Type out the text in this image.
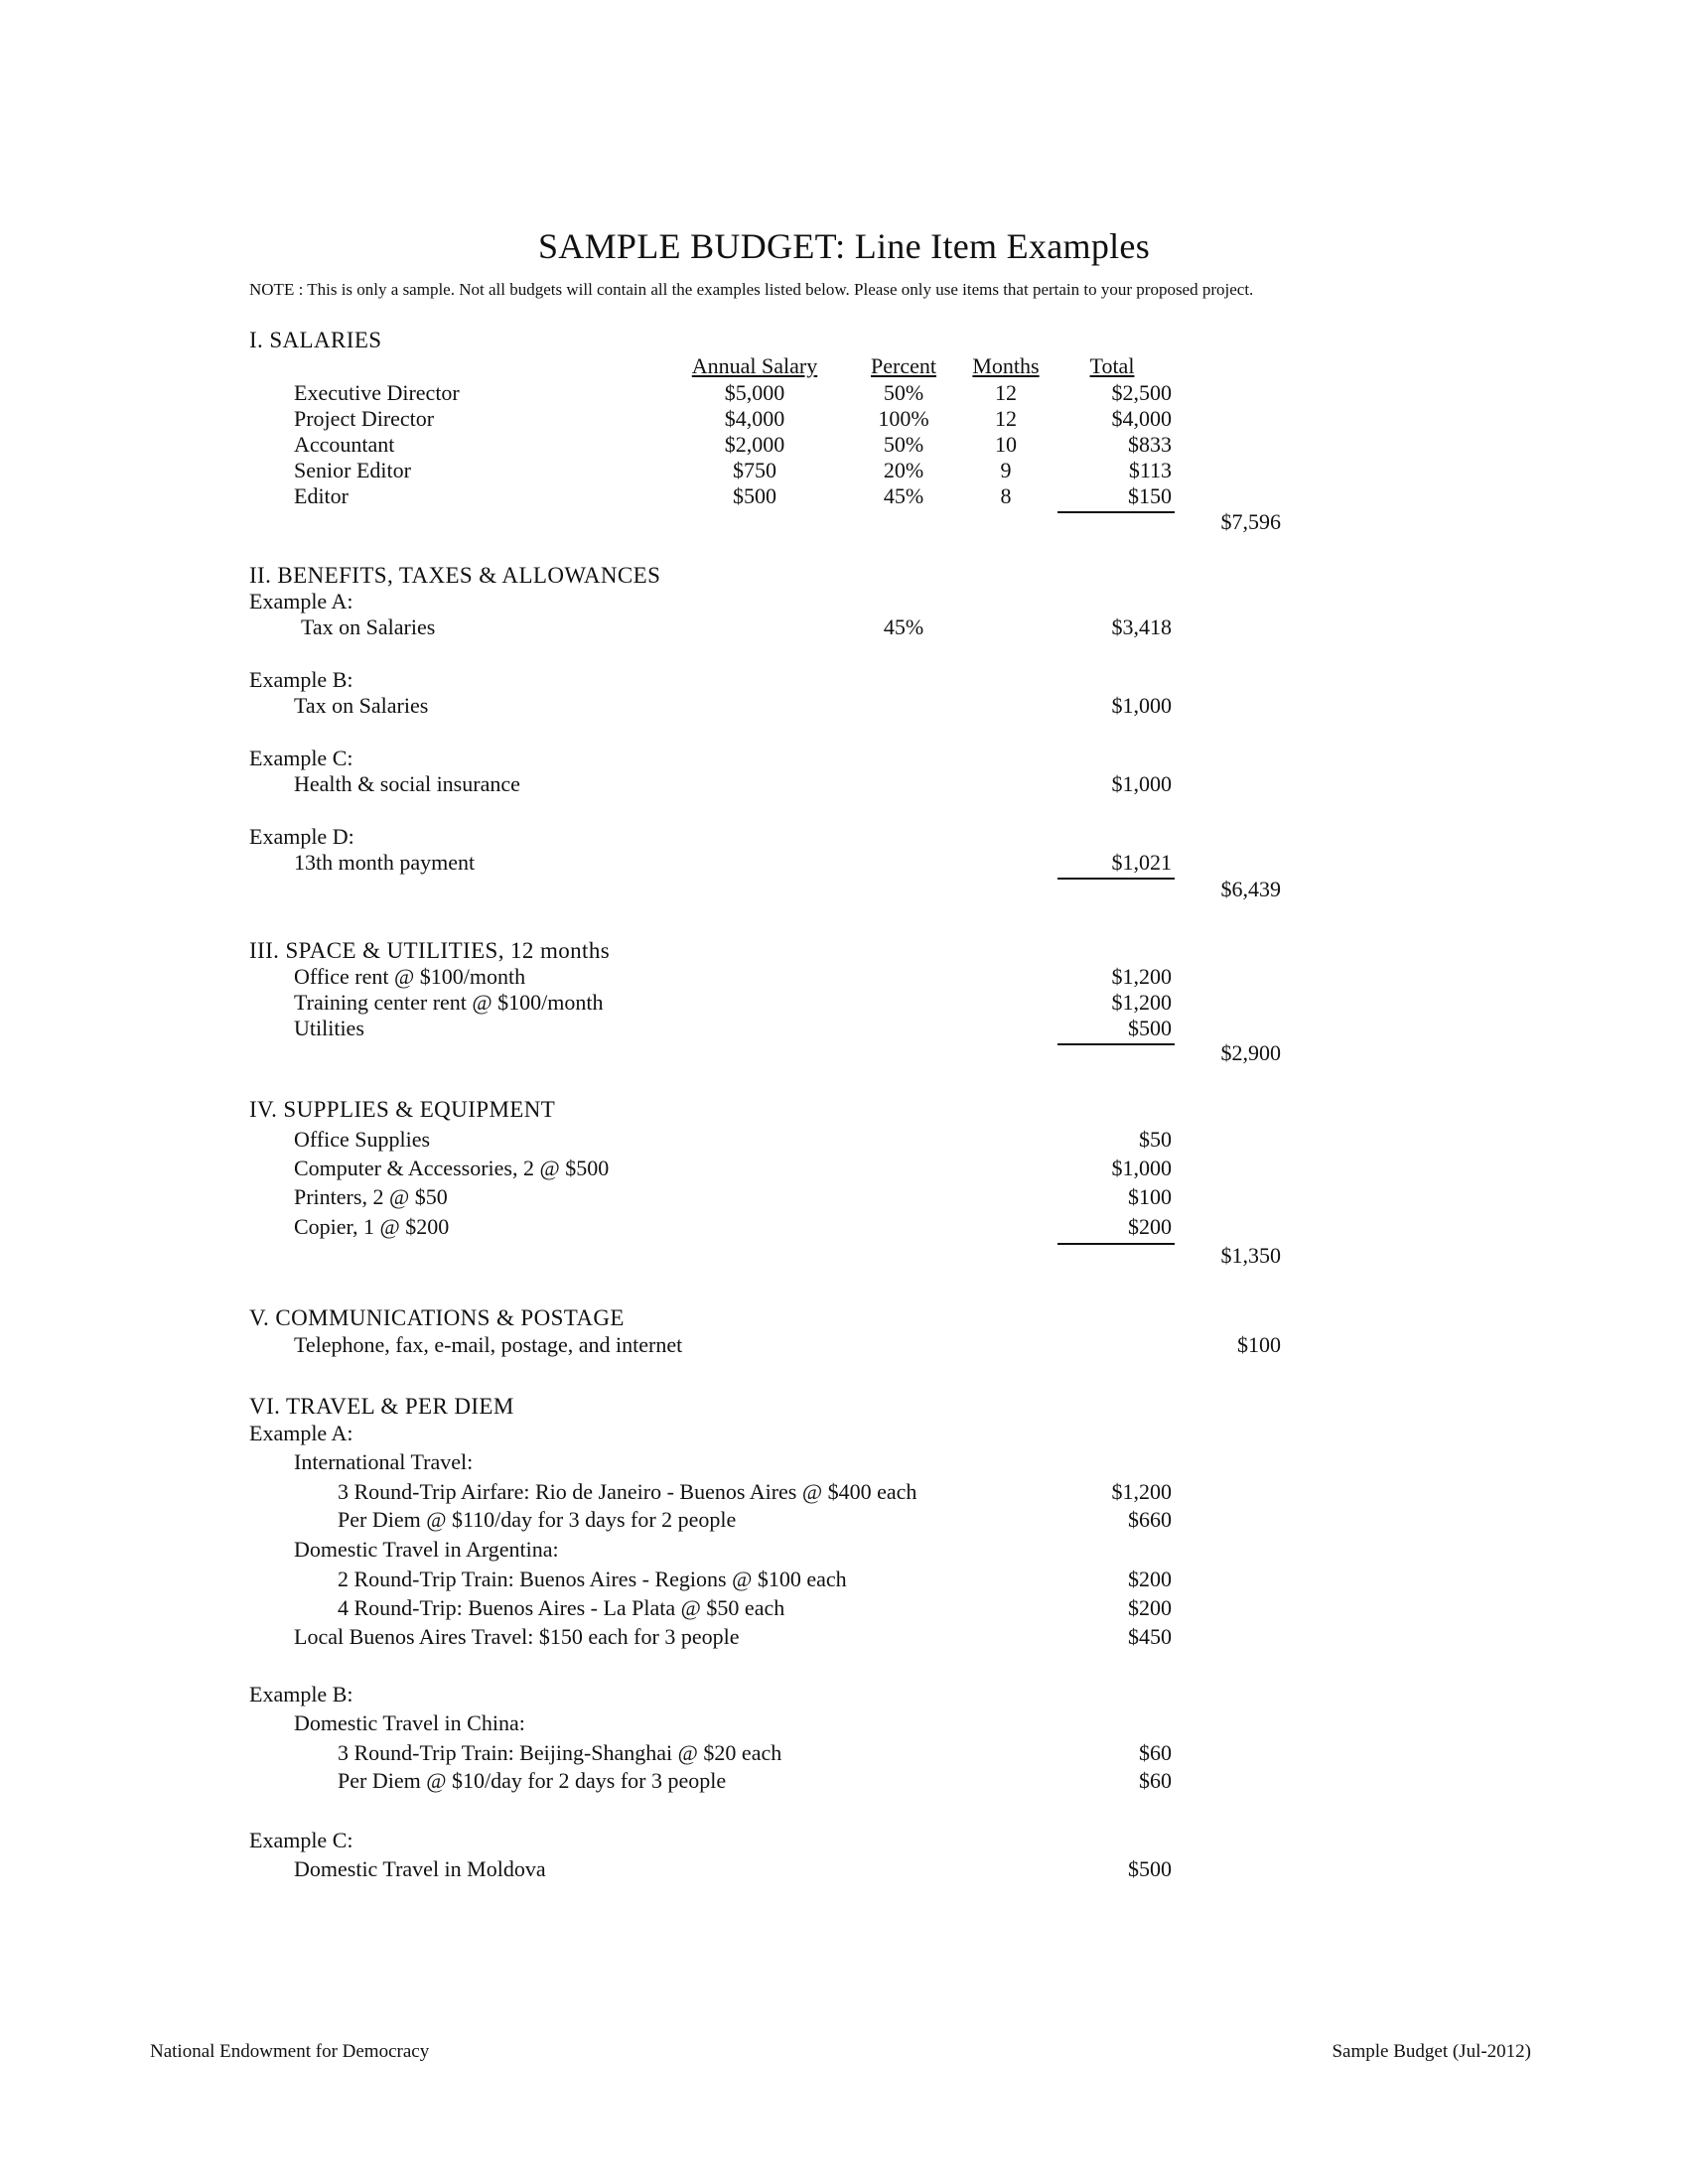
SAMPLE BUDGET: Line Item Examples
NOTE : This is only a sample. Not all budgets will contain all the examples listed below. Please only use items that pertain to your proposed project.
I. SALARIES
Annual Salary	Percent	Months	Total
Executive Director	$5,000	50%	12	$2,500
Project Director	$4,000	100%	12	$4,000
Accountant	$2,000	50%	10	$833
Senior Editor	$750	20%	9	$113
Editor	$500	45%	8	$150
$7,596
II. BENEFITS, TAXES & ALLOWANCES
Example A:
Tax on Salaries	45%	$3,418
Example B:
Tax on Salaries	$1,000
Example C:
Health & social insurance	$1,000
Example D:
13th month payment	$1,021
$6,439
III. SPACE & UTILITIES, 12 months
Office rent @ $100/month	$1,200
Training center rent @ $100/month	$1,200
Utilities	$500
$2,900
IV. SUPPLIES & EQUIPMENT
Office Supplies	$50
Computer & Accessories, 2 @ $500	$1,000
Printers, 2 @ $50	$100
Copier, 1 @ $200	$200
$1,350
V. COMMUNICATIONS & POSTAGE
Telephone, fax, e-mail, postage, and internet	$100
VI. TRAVEL & PER DIEM
Example A:
International Travel:
3 Round-Trip Airfare: Rio de Janeiro - Buenos Aires @ $400 each	$1,200
Per Diem @ $110/day for 3 days for 2 people	$660
Domestic Travel in Argentina:
2 Round-Trip Train: Buenos Aires - Regions @ $100 each	$200
4 Round-Trip: Buenos Aires - La Plata @ $50 each	$200
Local Buenos Aires Travel: $150 each for 3 people	$450
Example B:
Domestic Travel in China:
3 Round-Trip Train: Beijing-Shanghai @ $20 each	$60
Per Diem @ $10/day for 2 days for 3 people	$60
Example C:
Domestic Travel in Moldova	$500
National Endowment for Democracy	Sample Budget (Jul-2012)
